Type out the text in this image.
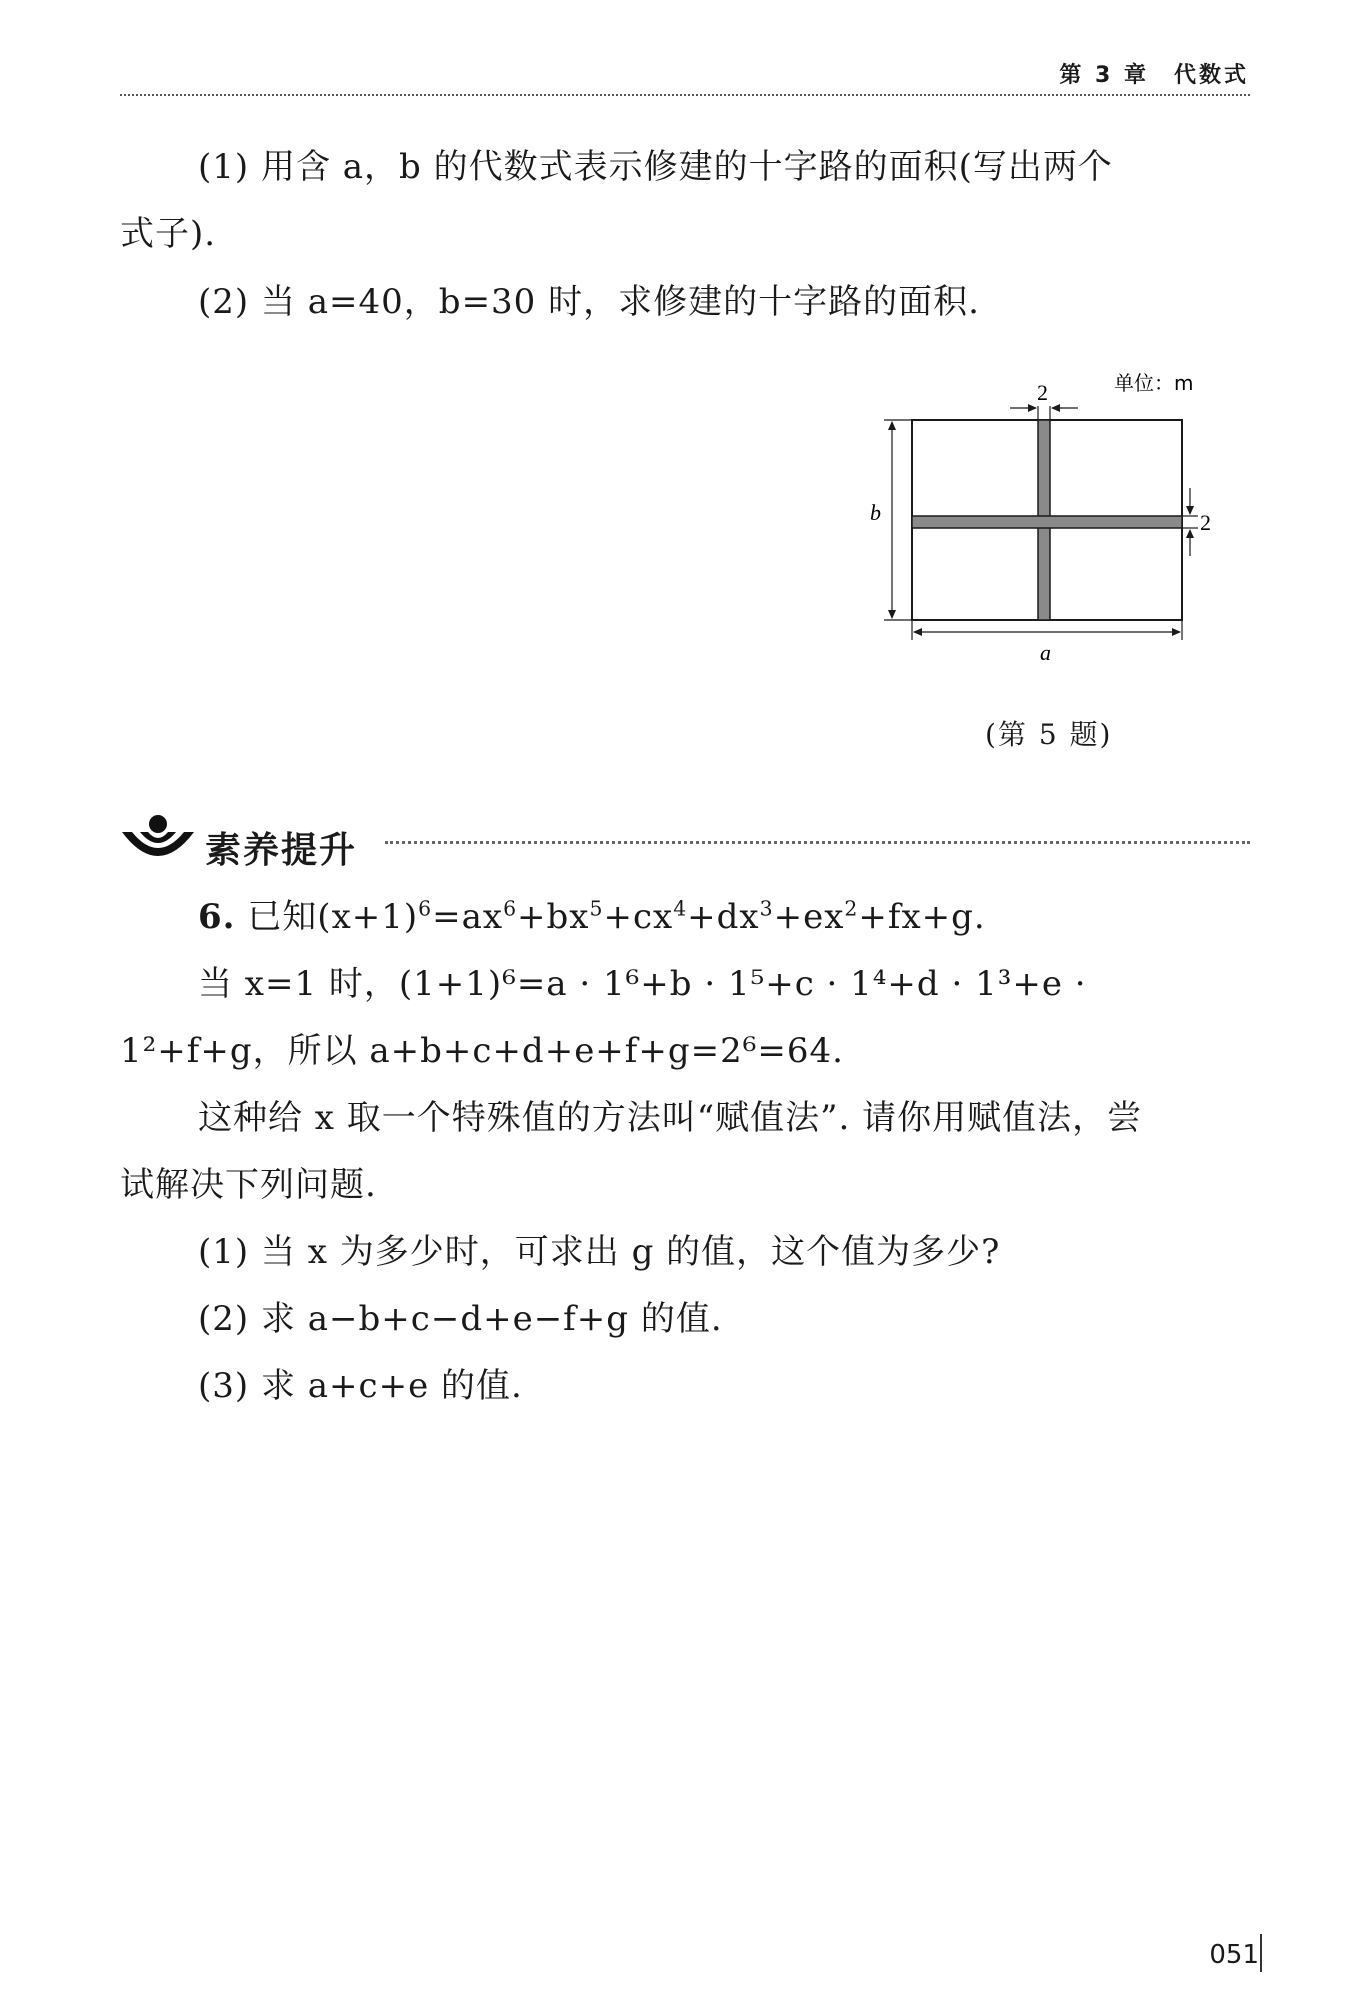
第 3 章　代数式
(1) 用含 a，b 的代数式表示修建的十字路的面积(写出两个
式子).
(2) 当 a=40，b=30 时，求修建的十字路的面积.
2
2
b
a
单位：m
(第 5 题)
素养提升
6. 已知$(x+1)^6=ax^6+bx^5+cx^4+dx^3+ex^2+fx+g$.
当 x=1 时，(1+1)⁶=a · 1⁶+b · 1⁵+c · 1⁴+d · 1³+e ·
1²+f+g，所以 a+b+c+d+e+f+g=2⁶=64.
这种给 x 取一个特殊值的方法叫“赋值法”. 请你用赋值法，尝
试解决下列问题.
(1) 当 x 为多少时，可求出 g 的值，这个值为多少?
(2) 求 a−b+c−d+e−f+g 的值.
(3) 求 a+c+e 的值.
051
